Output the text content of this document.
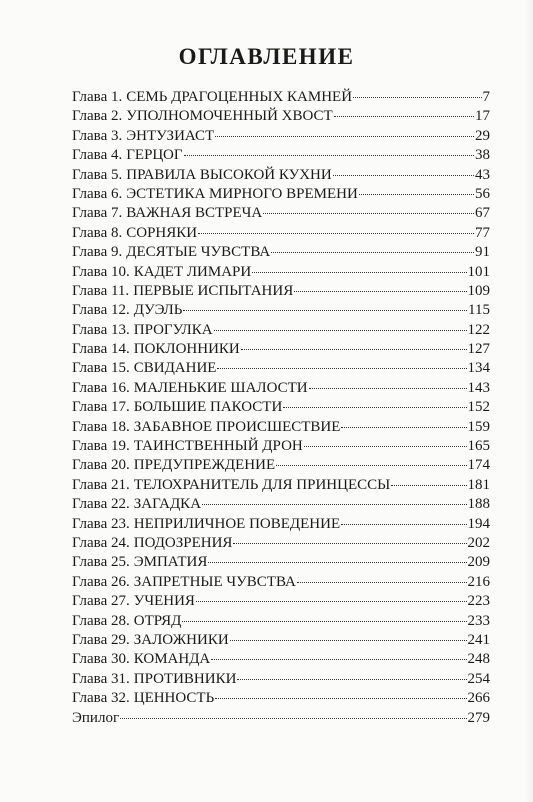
ОГЛАВЛЕНИЕ
Глава 1. СЕМЬ ДРАГОЦЕННЫХ КАМНЕЙ	7
Глава 2. УПОЛНОМОЧЕННЫЙ ХВОСТ	17
Глава 3. ЭНТУЗИАСТ	29
Глава 4. ГЕРЦОГ	38
Глава 5. ПРАВИЛА ВЫСОКОЙ КУХНИ	43
Глава 6. ЭСТЕТИКА МИРНОГО ВРЕМЕНИ	56
Глава 7. ВАЖНАЯ ВСТРЕЧА	67
Глава 8. СОРНЯКИ	77
Глава 9. ДЕСЯТЫЕ ЧУВСТВА	91
Глава 10. КАДЕТ ЛИМАРИ	101
Глава 11. ПЕРВЫЕ ИСПЫТАНИЯ	109
Глава 12. ДУЭЛЬ	115
Глава 13. ПРОГУЛКА	122
Глава 14. ПОКЛОННИКИ	127
Глава 15. СВИДАНИЕ	134
Глава 16. МАЛЕНЬКИЕ ШАЛОСТИ	143
Глава 17. БОЛЬШИЕ ПАКОСТИ	152
Глава 18. ЗАБАВНОЕ ПРОИСШЕСТВИЕ	159
Глава 19. ТАИНСТВЕННЫЙ ДРОН	165
Глава 20. ПРЕДУПРЕЖДЕНИЕ	174
Глава 21. ТЕЛОХРАНИТЕЛЬ ДЛЯ ПРИНЦЕССЫ	181
Глава 22. ЗАГАДКА	188
Глава 23. НЕПРИЛИЧНОЕ ПОВЕДЕНИЕ	194
Глава 24. ПОДОЗРЕНИЯ	202
Глава 25. ЭМПАТИЯ	209
Глава 26. ЗАПРЕТНЫЕ ЧУВСТВА	216
Глава 27. УЧЕНИЯ	223
Глава 28. ОТРЯД	233
Глава 29. ЗАЛОЖНИКИ	241
Глава 30. КОМАНДА	248
Глава 31. ПРОТИВНИКИ	254
Глава 32. ЦЕННОСТЬ	266
Эпилог	279
